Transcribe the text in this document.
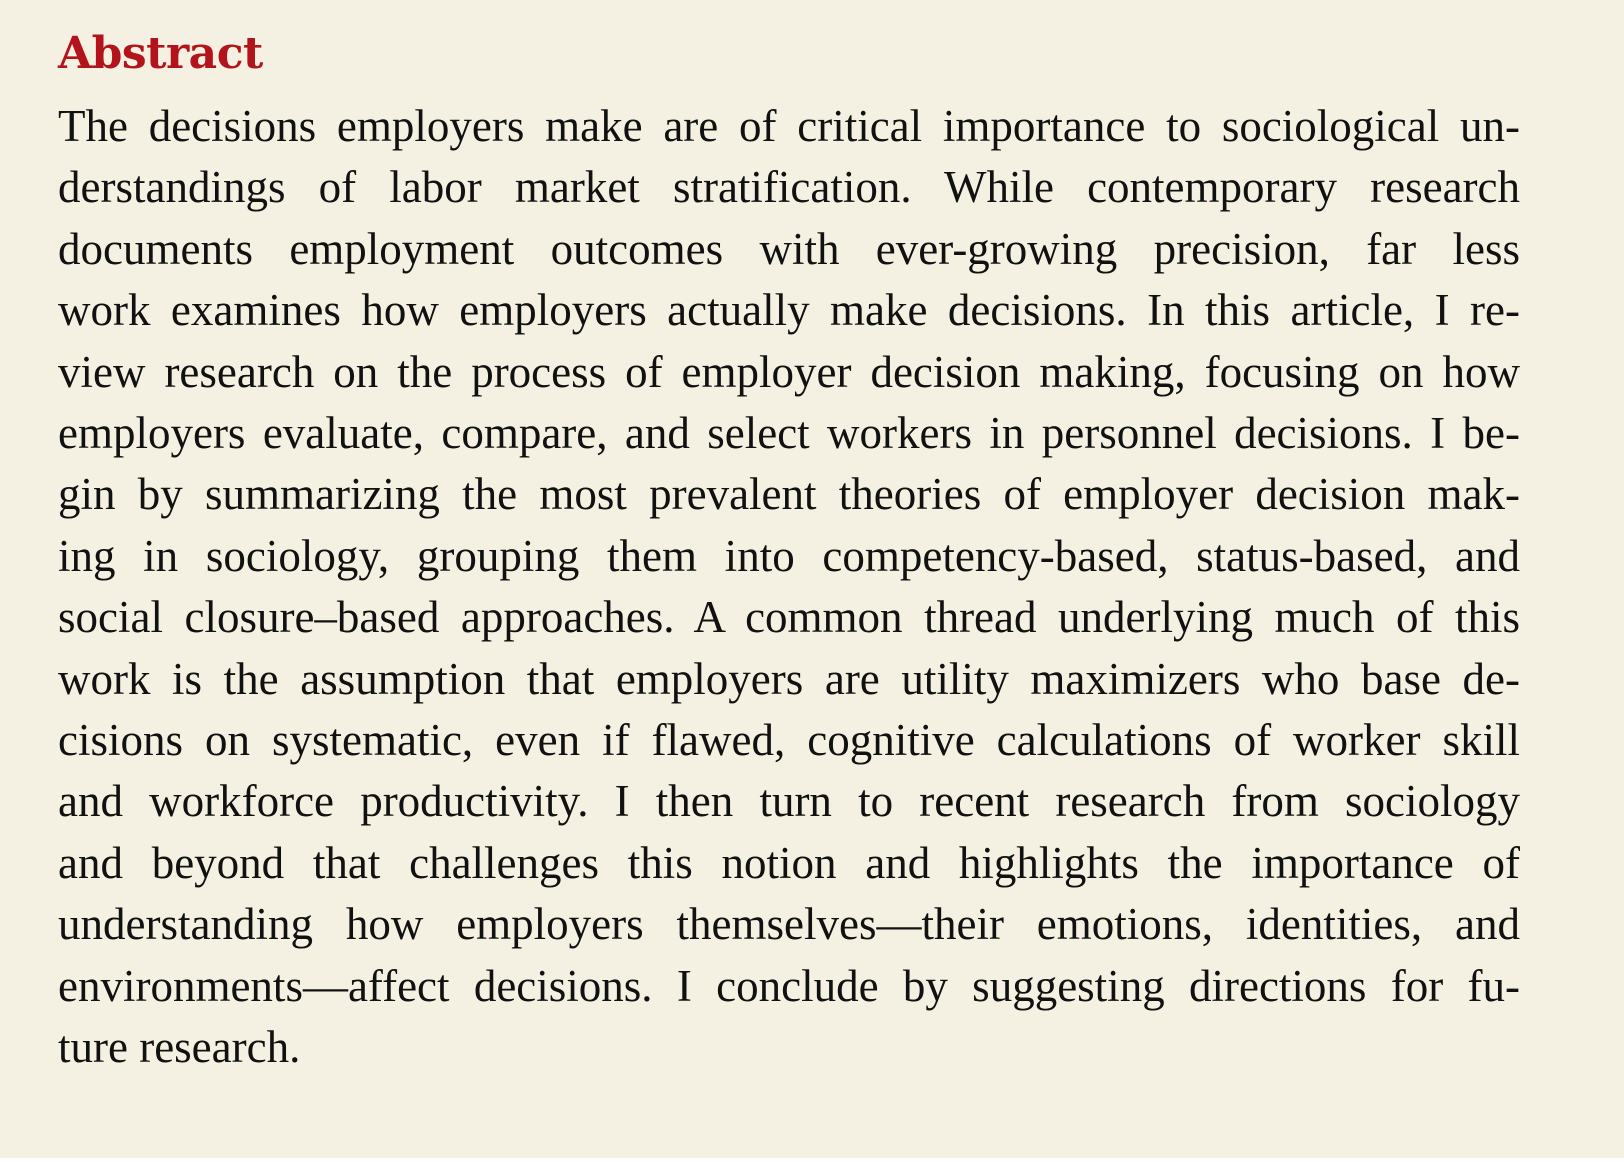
Abstract
The decisions employers make are of critical importance to sociological un-
derstandings of labor market stratification. While contemporary research
documents employment outcomes with ever-growing precision, far less
work examines how employers actually make decisions. In this article, I re-
view research on the process of employer decision making, focusing on how
employers evaluate, compare, and select workers in personnel decisions. I be-
gin by summarizing the most prevalent theories of employer decision mak-
ing in sociology, grouping them into competency-based, status-based, and
social closure–based approaches. A common thread underlying much of this
work is the assumption that employers are utility maximizers who base de-
cisions on systematic, even if flawed, cognitive calculations of worker skill
and workforce productivity. I then turn to recent research from sociology
and beyond that challenges this notion and highlights the importance of
understanding how employers themselves—their emotions, identities, and
environments—affect decisions. I conclude by suggesting directions for fu-
ture research.
